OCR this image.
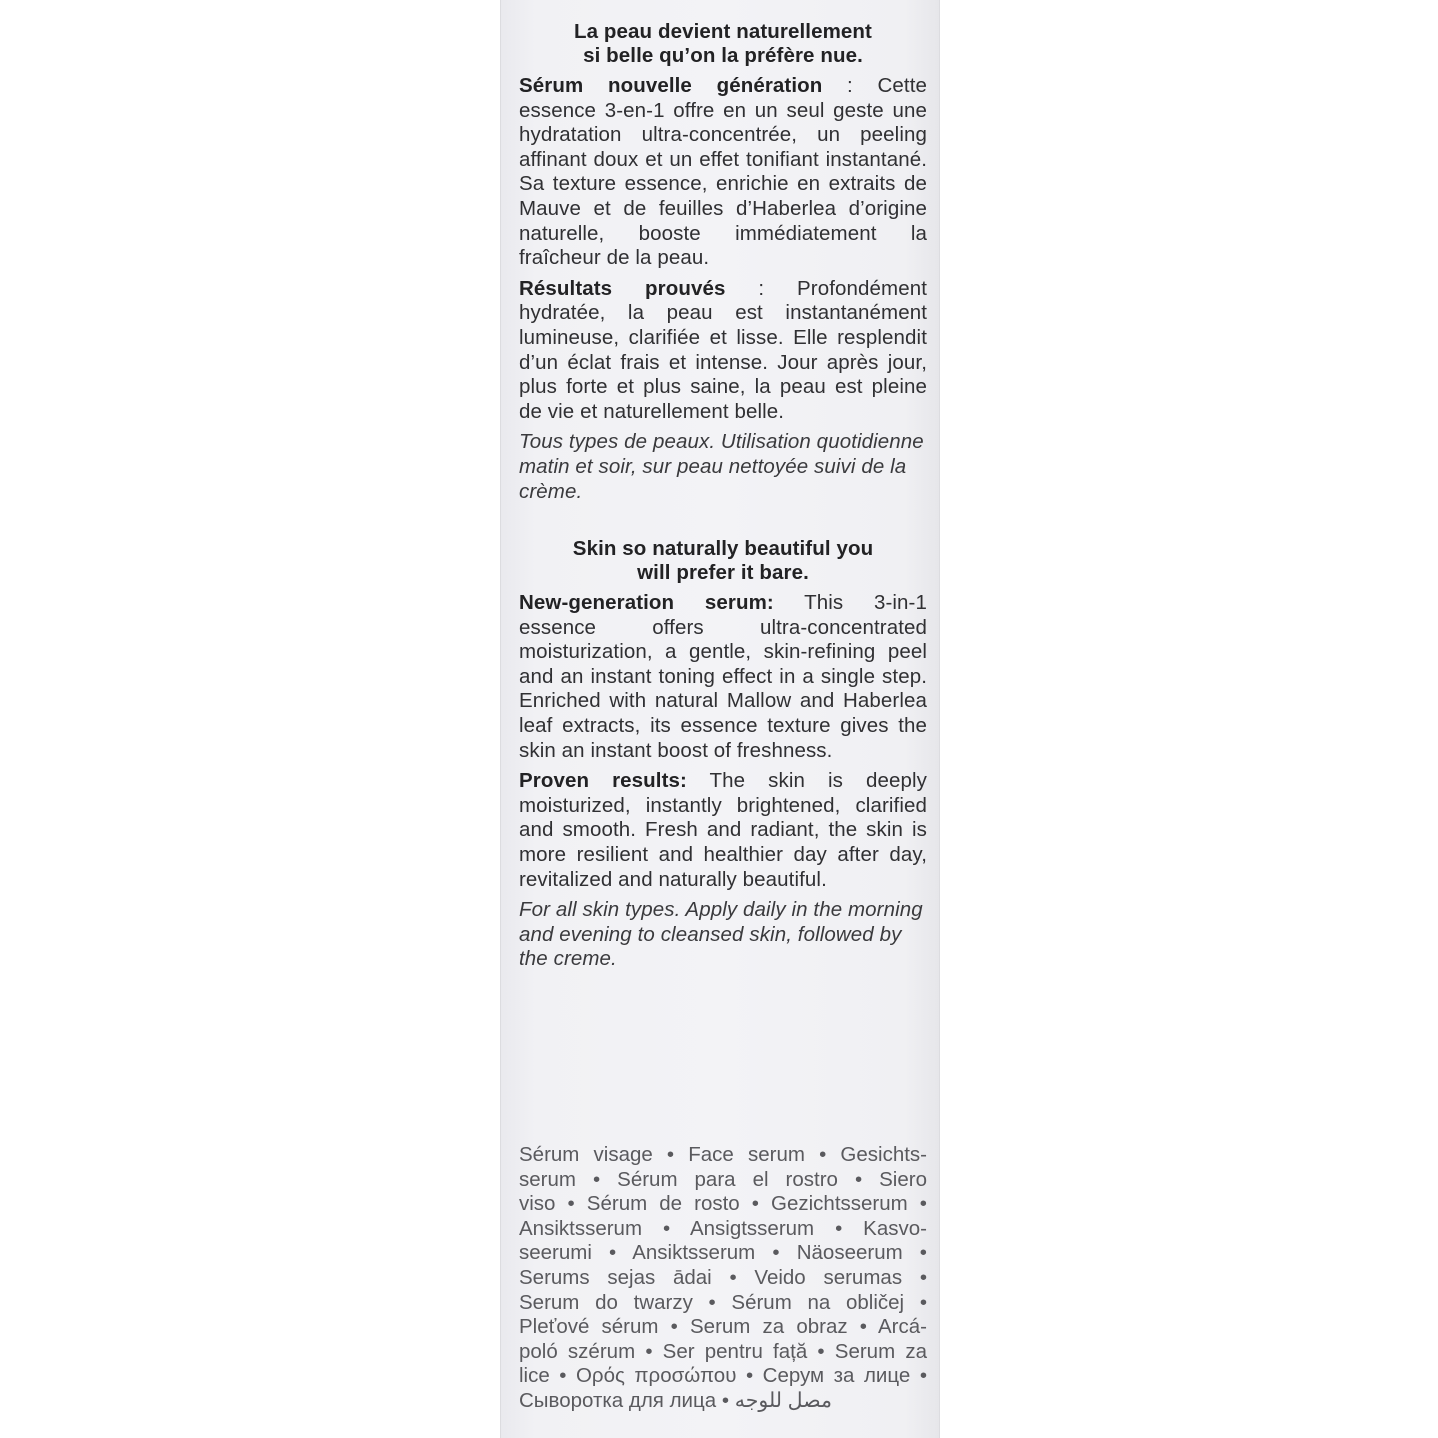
La peau devient naturellement
si belle qu’on la préfère nue.

Sérum nouvelle génération : Cette essence 3-en-1 offre en un seul geste une hydratation ultra-concentrée, un peeling affinant doux et un effet tonifiant instantané. Sa texture essence, enrichie en extraits de Mauve et de feuilles d’Haberlea d’origine naturelle, booste immédiatement la fraîcheur de la peau.

Résultats prouvés : Profondément hydratée, la peau est instantanément lumineuse, clarifiée et lisse. Elle resplendit d’un éclat frais et intense. Jour après jour, plus forte et plus saine, la peau est pleine de vie et naturellement belle.

Tous types de peaux. Utilisation quotidienne matin et soir, sur peau nettoyée suivi de la crème.

Skin so naturally beautiful you
will prefer it bare.

New-generation serum: This 3-in-1 essence offers ultra-concentrated moisturization, a gentle, skin-refining peel and an instant toning effect in a single step. Enriched with natural Mallow and Haberlea leaf extracts, its essence texture gives the skin an instant boost of freshness.

Proven results: The skin is deeply moisturized, instantly brightened, clarified and smooth. Fresh and radiant, the skin is more resilient and healthier day after day, revitalized and naturally beautiful.

For all skin types. Apply daily in the morning and evening to cleansed skin, followed by the creme.

Sérum visage • Face serum • Gesichts-
serum • Sérum para el rostro • Siero
viso • Sérum de rosto • Gezichtsserum •
Ansiktsserum • Ansigtsserum • Kasvo-
seerumi • Ansiktsserum • Näoseerum •
Serums sejas ādai • Veido serumas •
Serum do twarzy • Sérum na obličej •
Pleťové sérum • Serum za obraz • Arcá-
poló szérum • Ser pentru față • Serum za
lice • Ορός προσώπου • Серум за лице •
Сыворотка для лица • مصل للوجه
